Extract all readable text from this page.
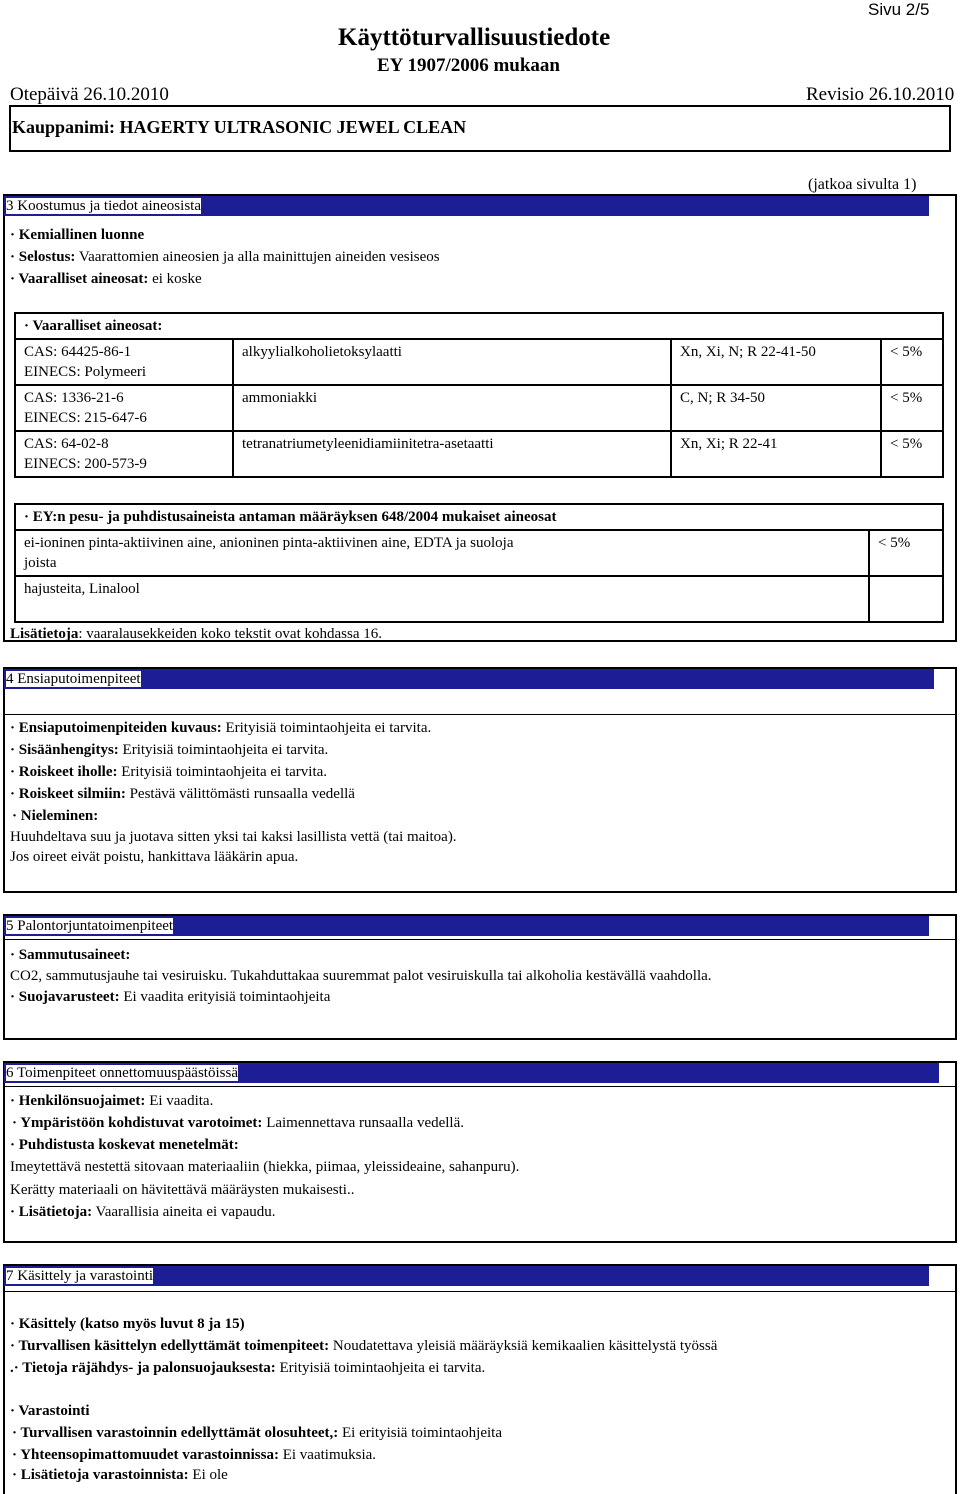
Sivu 2/5
Käyttöturvallisuustiedote
EY 1907/2006 mukaan
Otepäivä 26.10.2010	Revisio 26.10.2010
Kauppanimi: HAGERTY ULTRASONIC JEWEL CLEAN
(jatkoa sivulta 1)
3 Koostumus ja tiedot aineosista
· Kemiallinen luonne
· Selostus: Vaarattomien aineosien ja alla mainittujen aineiden vesiseos
· Vaaralliset aineosat: ei koske
· Vaaralliset aineosat:			

CAS: 64425-86-1
EINECS: Polymeeri	alkyylialkoholietoksylaatti	Xn, Xi, N; R 22-41-50	< 5%

CAS: 1336-21-6
EINECS: 215-647-6	ammoniakki	C, N; R 34-50	< 5%

CAS: 64-02-8
EINECS: 200-573-9	tetranatriumetyleenidiamiinitetra-asetaatti	Xn, Xi; R 22-41	< 5%
· EY:n pesu- ja puhdistusaineista antaman määräyksen 648/2004 mukaiset aineosat	

ei-ioninen pinta-aktiivinen aine, anioninen pinta-aktiivinen aine, EDTA ja suoloja
joista	< 5%
hajusteita, Linalool	
Lisätietoja: vaaralausekkeiden koko tekstit ovat kohdassa 16.
4 Ensiaputoimenpiteet
· Ensiaputoimenpiteiden kuvaus: Erityisiä toimintaohjeita ei tarvita.
· Sisäänhengitys: Erityisiä toimintaohjeita ei tarvita.
· Roiskeet iholle: Erityisiä toimintaohjeita ei tarvita.
· Roiskeet silmiin: Pestävä välittömästi runsaalla vedellä
· Nieleminen:
Huuhdeltava suu ja juotava sitten yksi tai kaksi lasillista vettä (tai maitoa).
Jos oireet eivät poistu, hankittava lääkärin apua.
5 Palontorjuntatoimenpiteet
· Sammutusaineet:
CO2, sammutusjauhe tai vesiruisku. Tukahduttakaa suuremmat palot vesiruiskulla tai alkoholia kestävällä vaahdolla.
· Suojavarusteet: Ei vaadita erityisiä toimintaohjeita
6 Toimenpiteet onnettomuuspäästöissä
· Henkilönsuojaimet: Ei vaadita.
· Ympäristöön kohdistuvat varotoimet: Laimennettava runsaalla vedellä.
· Puhdistusta koskevat menetelmät:
Imeytettävä nestettä sitovaan materiaaliin (hiekka, piimaa, yleissideaine, sahanpuru).
Kerätty materiaali on hävitettävä määräysten mukaisesti..
· Lisätietoja: Vaarallisia aineita ei vapaudu.
7 Käsittely ja varastointi
· Käsittely (katso myös luvut 8 ja 15)
· Turvallisen käsittelyn edellyttämät toimenpiteet: Noudatettava yleisiä määräyksiä kemikaalien käsittelystä työssä
.· Tietoja räjähdys- ja palonsuojauksesta: Erityisiä toimintaohjeita ei tarvita.
· Varastointi
· Turvallisen varastoinnin edellyttämät olosuhteet,: Ei erityisiä toimintaohjeita
· Yhteensopimattomuudet varastoinnissa: Ei vaatimuksia.
· Lisätietoja varastoinnista: Ei ole
